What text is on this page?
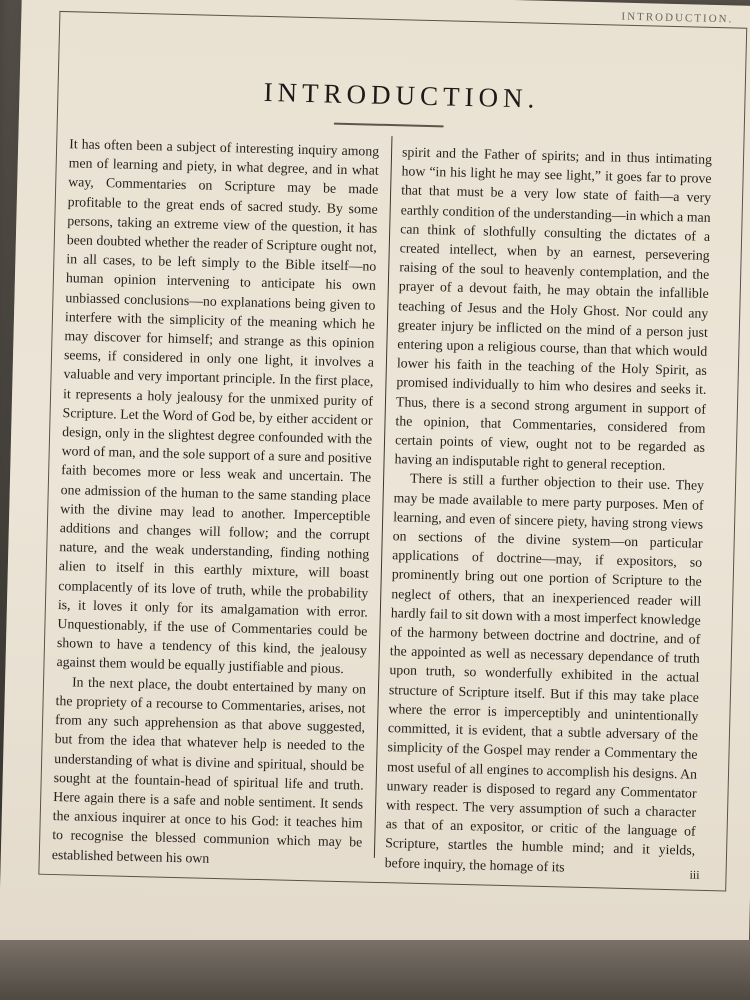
INTRODUCTION.
INTRODUCTION.

It has often been a subject of interesting inquiry among men of learning and piety, in what degree, and in what way, Commentaries on Scripture may be made profitable to the great ends of sacred study. By some persons, taking an extreme view of the question, it has been doubted whether the reader of Scripture ought not, in all cases, to be left simply to the Bible itself—no human opinion intervening to anticipate his own unbiassed conclusions—no explanations being given to interfere with the simplicity of the meaning which he may discover for himself; and strange as this opinion seems, if considered in only one light, it involves a valuable and very important principle. In the first place, it represents a holy jealousy for the unmixed purity of Scripture. Let the Word of God be, by either accident or design, only in the slightest degree confounded with the word of man, and the sole support of a sure and positive faith becomes more or less weak and uncertain. The one admission of the human to the same standing place with the divine may lead to another. Imperceptible additions and changes will follow; and the corrupt nature, and the weak understanding, finding nothing alien to itself in this earthly mixture, will boast complacently of its love of truth, while the probability is, it loves it only for its amalgamation with error. Unquestionably, if the use of Commentaries could be shown to have a tendency of this kind, the jealousy against them would be equally justifiable and pious.

In the next place, the doubt entertained by many on the propriety of a recourse to Commentaries, arises, not from any such apprehension as that above suggested, but from the idea that whatever help is needed to the understanding of what is divine and spiritual, should be sought at the fountain-head of spiritual life and truth. Here again there is a safe and noble sentiment. It sends the anxious inquirer at once to his God: it teaches him to recognise the blessed communion which may be established between his own

spirit and the Father of spirits; and in thus intimating how “in his light he may see light,” it goes far to prove that that must be a very low state of faith—a very earthly condition of the understanding—in which a man can think of slothfully consulting the dictates of a created intellect, when by an earnest, persevering raising of the soul to heavenly contemplation, and the prayer of a devout faith, he may obtain the infallible teaching of Jesus and the Holy Ghost. Nor could any greater injury be inflicted on the mind of a person just entering upon a religious course, than that which would lower his faith in the teaching of the Holy Spirit, as promised individually to him who desires and seeks it. Thus, there is a second strong argument in support of the opinion, that Commentaries, considered from certain points of view, ought not to be regarded as having an indisputable right to general reception.

There is still a further objection to their use. They may be made available to mere party purposes. Men of learning, and even of sincere piety, having strong views on sections of the divine system—on particular applications of doctrine—may, if expositors, so prominently bring out one portion of Scripture to the neglect of others, that an inexperienced reader will hardly fail to sit down with a most imperfect knowledge of the harmony between doctrine and doctrine, and of the appointed as well as necessary dependance of truth upon truth, so wonderfully exhibited in the actual structure of Scripture itself. But if this may take place where the error is imperceptibly and unintentionally committed, it is evident, that a subtle adversary of the simplicity of the Gospel may render a Commentary the most useful of all engines to accomplish his designs. An unwary reader is disposed to regard any Commentator with respect. The very assumption of such a character as that of an expositor, or critic of the language of Scripture, startles the humble mind; and it yields, before inquiry, the homage of its

iii
